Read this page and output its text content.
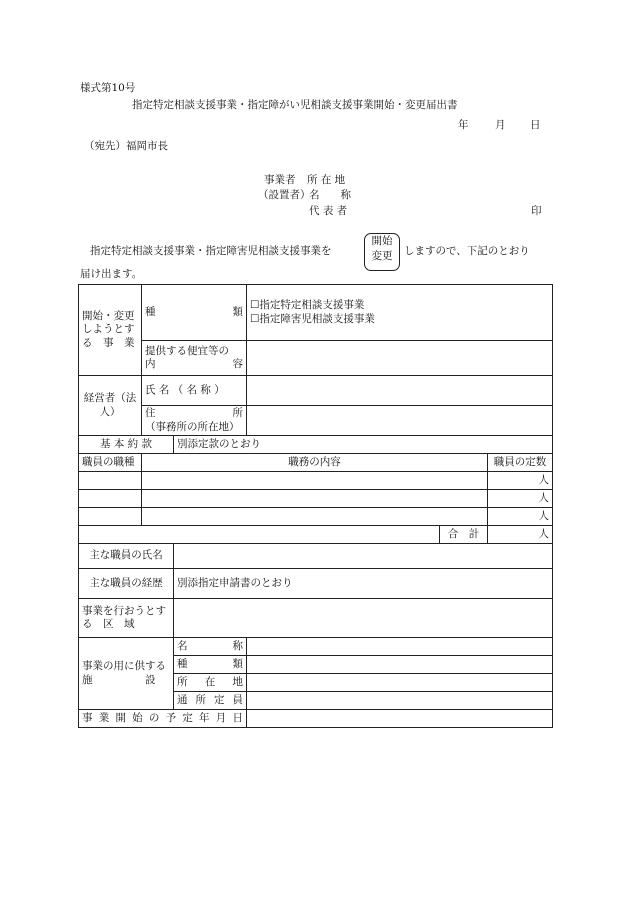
様式第10号
指定特定相談支援事業・指定障がい児相談支援事業開始・変更届出書
年	月 日
（宛先）福岡市長
事業者 所 在 地
（設置者）
名　　称
代 表 者	印
指定特定相談支援事業・指定障害児相談支援事業を
開始
変更	しますので、下記のとおり
届け出ます。
開始・変更しようとする　事　業	種　　　類		☐指定特定相談支援事業
☐指定障害児相談支援事業		

	提供する便宜等の
内　　　　　容				

経営者（法人）	氏 名 （ 名 称 ）				

	住　　　　　所
（事務所の所在地）				

基 本 約 款		別添定款のとおり			
職員の職種	職務の内容				職員の定数
					人
					人
					人
				合　計	人
主な職員の氏名					
主な職員の経歴		別添指定申請書のとおり			
事業を行おうとする　区　域					
事業の用に供する施　　　　　設		名　　　称			
		種　　　類			
		所　在　地			
		通 所 定 員			
事 業 開 始 の 予 定 年 月 日					
